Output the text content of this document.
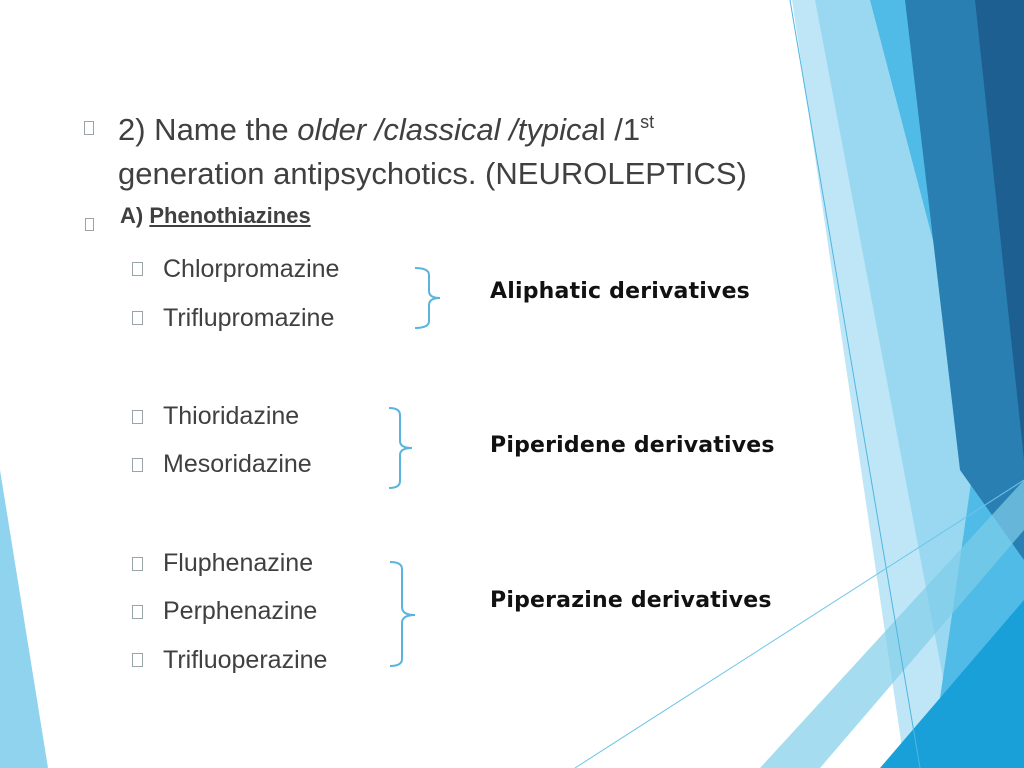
2) Name the older /classical /typical /1st
generation antipsychotics. (NEUROLEPTICS)
A) Phenothiazines
Chlorpromazine
Triflupromazine
Aliphatic derivatives
Thioridazine
Mesoridazine
Piperidene derivatives
Fluphenazine
Perphenazine
Trifluoperazine
Piperazine derivatives
